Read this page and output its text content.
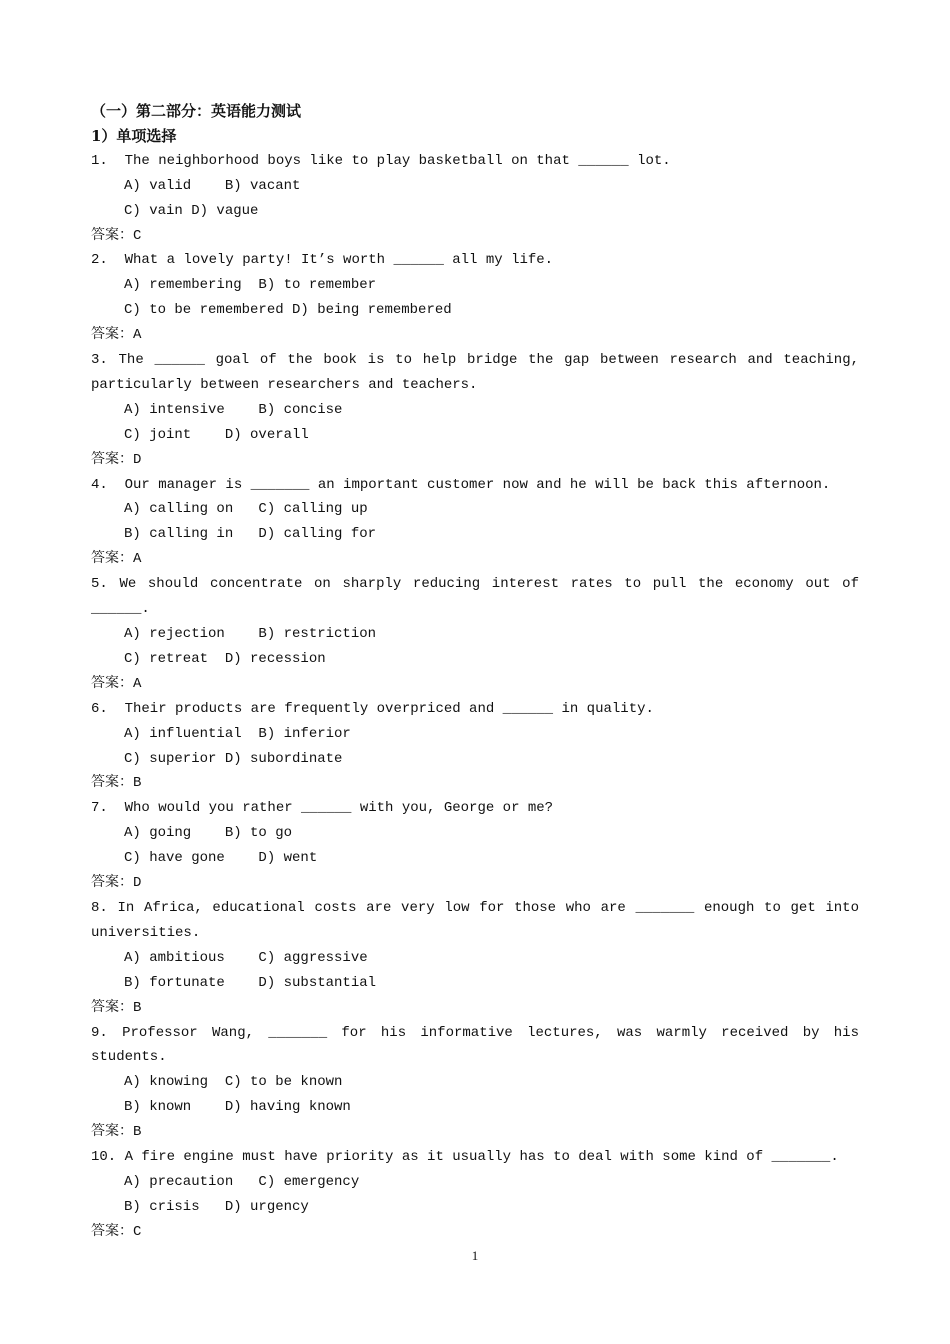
（一）第二部分：英语能力测试
1）单项选择
1.  The neighborhood boys like to play basketball on that ______ lot.
A) valid    B) vacant
C) vain D) vague
答案：C
2.  What a lovely party! It’s worth ______ all my life.
A) remembering  B) to remember
C) to be remembered D) being remembered
答案：A
3. The ______ goal of the book is to help bridge the gap between research and teaching,
particularly between researchers and teachers.
A) intensive    B) concise
C) joint    D) overall
答案：D
4.  Our manager is _______ an important customer now and he will be back this afternoon.
A) calling on   C) calling up
B) calling in   D) calling for
答案：A
5. We should concentrate on sharply reducing interest rates to pull the economy out of
______.
A) rejection    B) restriction
C) retreat  D) recession
答案：A
6.  Their products are frequently overpriced and ______ in quality.
A) influential  B) inferior
C) superior D) subordinate
答案：B
7.  Who would you rather ______ with you, George or me?
A) going    B) to go
C) have gone    D) went
答案：D
8. In Africa, educational costs are very low for those who are _______ enough to get into
universities.
A) ambitious    C) aggressive
B) fortunate    D) substantial
答案：B
9. Professor Wang, _______ for his informative lectures, was warmly received by his
students.
A) knowing  C) to be known
B) known    D) having known
答案：B
10. A fire engine must have priority as it usually has to deal with some kind of _______.
A) precaution   C) emergency
B) crisis   D) urgency
答案：C
1
